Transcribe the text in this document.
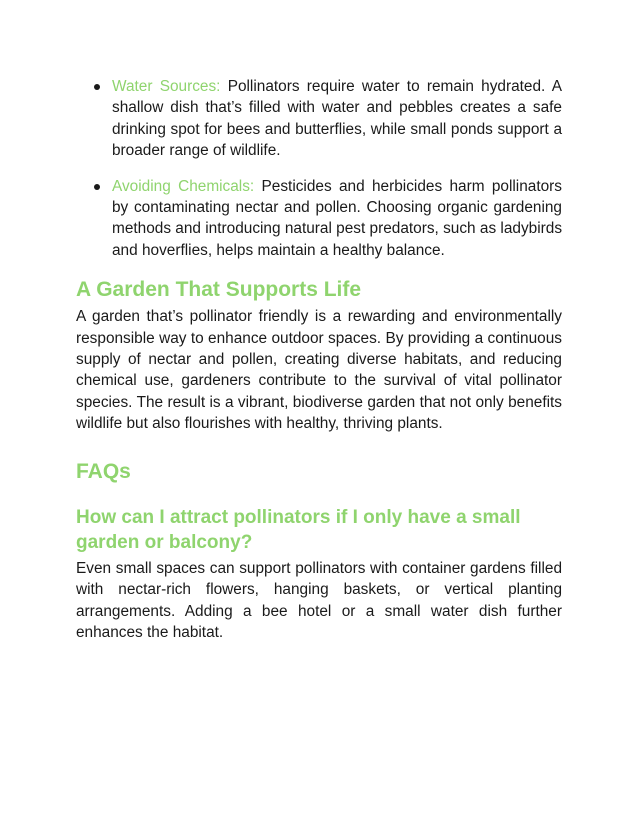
Water Sources: Pollinators require water to remain hydrated. A shallow dish that’s filled with water and pebbles creates a safe drinking spot for bees and butterflies, while small ponds support a broader range of wildlife.
Avoiding Chemicals: Pesticides and herbicides harm pollinators by contaminating nectar and pollen. Choosing organic gardening methods and introducing natural pest predators, such as ladybirds and hoverflies, helps maintain a healthy balance.
A Garden That Supports Life

A garden that’s pollinator friendly is a rewarding and environmentally responsible way to enhance outdoor spaces. By providing a continuous supply of nectar and pollen, creating diverse habitats, and reducing chemical use, gardeners contribute to the survival of vital pollinator species. The result is a vibrant, biodiverse garden that not only benefits wildlife but also flourishes with healthy, thriving plants.

FAQs
How can I attract pollinators if I only have a small garden or balcony?

Even small spaces can support pollinators with container gardens filled with nectar-rich flowers, hanging baskets, or vertical planting arrangements. Adding a bee hotel or a small water dish further enhances the habitat.
